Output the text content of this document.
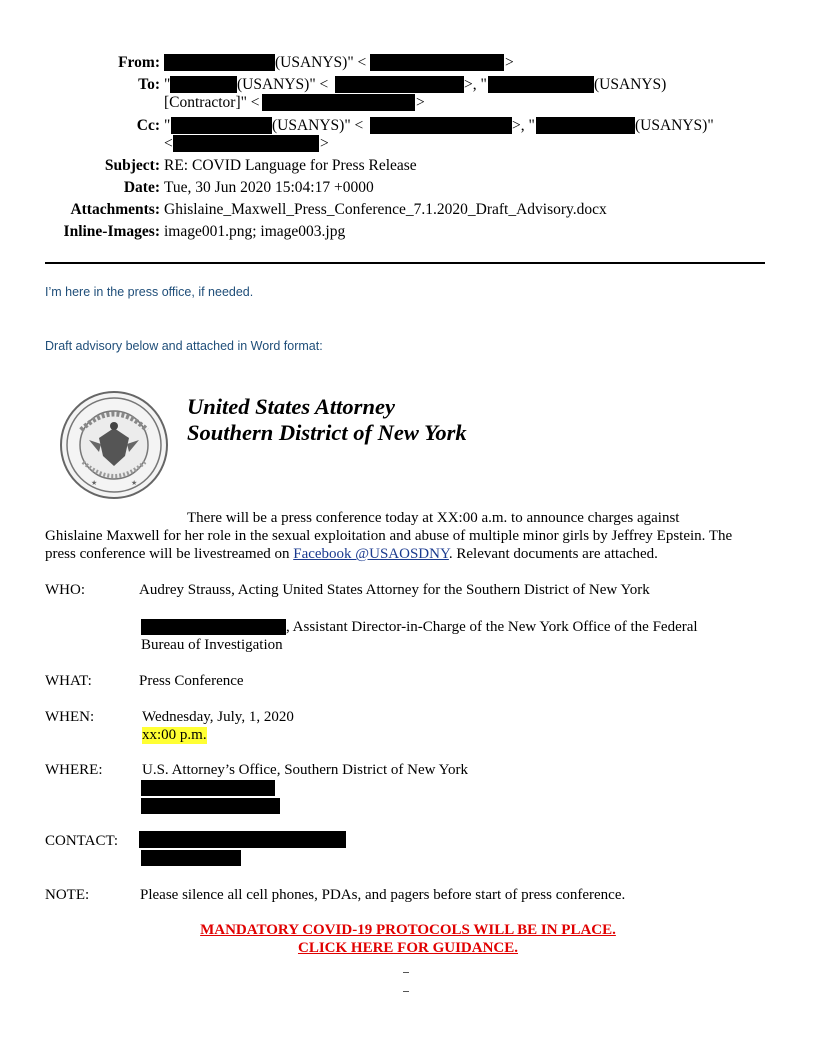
From:	(USANYS)" <	>
To: "	(USANYS)" <	>, "	(USANYS)
[Contractor]" <	>
Cc: "	(USANYS)" <	>, "	(USANYS)"
<	>
Subject: RE: COVID Language for Press Release
Date: Tue, 30 Jun 2020 15:04:17 +0000
Attachments: Ghislaine_Maxwell_Press_Conference_7.1.2020_Draft_Advisory.docx
Inline-Images: image001.png; image003.jpg
I’m here in the press office, if needed.
Draft advisory below and attached in Word format:
★	★
United States Attorney
Southern District of New York
There will be a press conference today at XX:00 a.m. to announce charges against
Ghislaine Maxwell for her role in the sexual exploitation and abuse of multiple minor girls by Jeffrey Epstein. The
press conference will be livestreamed on Facebook @USAOSDNY. Relevant documents are attached.
WHO:	Audrey Strauss, Acting United States Attorney for the Southern District of New York
, Assistant Director-in-Charge of the New York Office of the Federal
Bureau of Investigation
WHAT:	Press Conference
WHEN:	Wednesday, July, 1, 2020
xx:00 p.m.
WHERE:	U.S. Attorney’s Office, Southern District of New York
CONTACT:
NOTE:	Please silence all cell phones, PDAs, and pagers before start of press conference.
MANDATORY COVID-19 PROTOCOLS WILL BE IN PLACE.
CLICK HERE FOR GUIDANCE.
